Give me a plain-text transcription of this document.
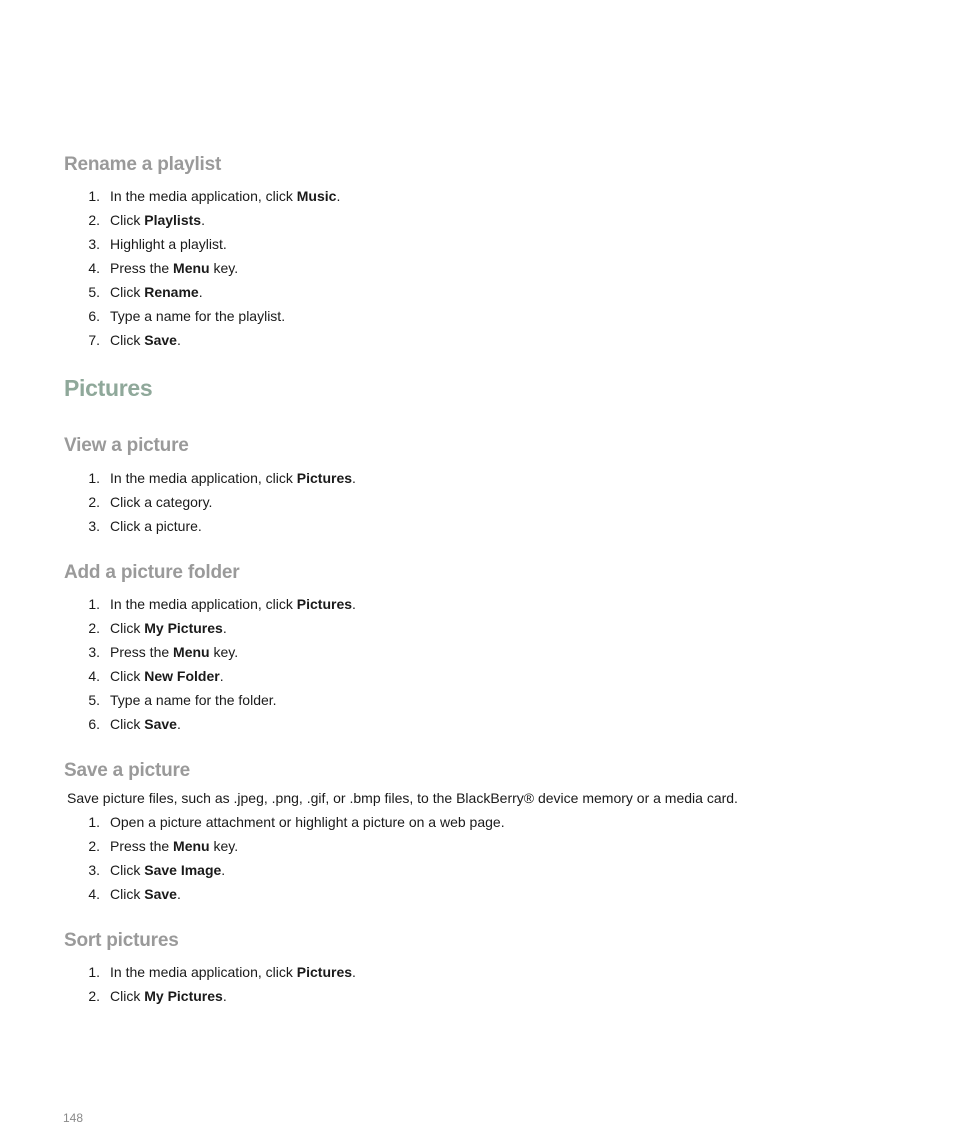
Rename a playlist
1. In the media application, click Music.
2. Click Playlists.
3. Highlight a playlist.
4. Press the Menu key.
5. Click Rename.
6. Type a name for the playlist.
7. Click Save.
Pictures
View a picture
1. In the media application, click Pictures.
2. Click a category.
3. Click a picture.
Add a picture folder
1. In the media application, click Pictures.
2. Click My Pictures.
3. Press the Menu key.
4. Click New Folder.
5. Type a name for the folder.
6. Click Save.
Save a picture

Save picture files, such as .jpeg, .png, .gif, or .bmp files, to the BlackBerry® device memory or a media card.

1. Open a picture attachment or highlight a picture on a web page.
2. Press the Menu key.
3. Click Save Image.
4. Click Save.
Sort pictures
1. In the media application, click Pictures.
2. Click My Pictures.
148
